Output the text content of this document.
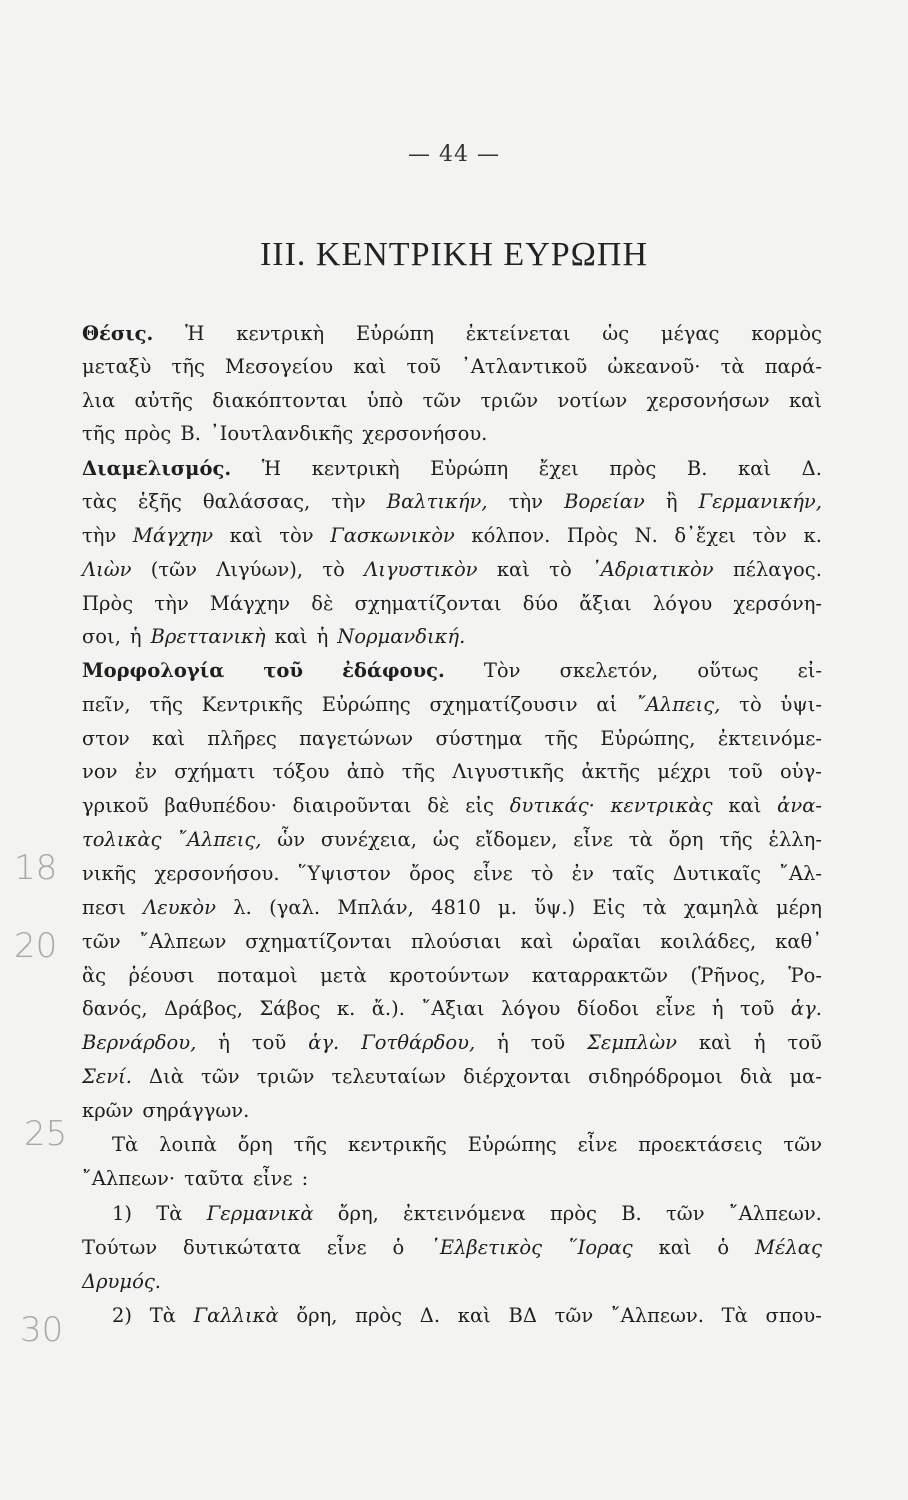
— 44 —
III. ΚΕΝΤΡΙΚΗ ΕΥΡΩΠΗ
18
20
25
30
Θέσις. Ἡ κεντρικὴ Εὐρώπη ἐκτείνεται ὡς μέγας κορμὸς
μεταξὺ τῆς Μεσογείου καὶ τοῦ ᾽Ατλαντικοῦ ὠκεανοῦ· τὰ παρά-
λια αὐτῆς διακόπτονται ὑπὸ τῶν τριῶν νοτίων χερσονήσων καὶ
τῆς πρὸς Β. ᾽Ιουτλανδικῆς χερσονήσου.
Διαμελισμός. Ἡ κεντρικὴ Εὐρώπη ἔχει πρὸς Β. καὶ Δ.
τὰς ἑξῆς θαλάσσας, τὴν Βαλτικήν, τὴν Βορείαν ἢ Γερμανικήν,
τὴν Μάγχην καὶ τὸν Γασκωνικὸν κόλπον. Πρὸς Ν. δ᾽ἔχει τὸν κ.
Λιὼν (τῶν Λιγύων), τὸ Λιγυστικὸν καὶ τὸ ᾽Αδριατικὸν πέλαγος.
Πρὸς τὴν Μάγχην δὲ σχηματίζονται δύο ἄξιαι λόγου χερσόνη-
σοι, ἡ Βρεττανικὴ καὶ ἡ Νορμανδική.
Μορφολογία τοῦ ἐδάφους. Τὸν σκελετόν, οὕτως εἰ-
πεῖν, τῆς Κεντρικῆς Εὐρώπης σχηματίζουσιν αἱ ῎Αλπεις, τὸ ὑψι-
στον καὶ πλῆρες παγετώνων σύστημα τῆς Εὐρώπης, ἐκτεινόμε-
νον ἐν σχήματι τόξου ἀπὸ τῆς Λιγυστικῆς ἀκτῆς μέχρι τοῦ οὑγ-
γρικοῦ βαθυπέδου· διαιροῦνται δὲ εἰς δυτικάς· κεντρικὰς καὶ ἀνα-
τολικὰς ῎Αλπεις, ὧν συνέχεια, ὡς εἴδομεν, εἶνε τὰ ὄρη τῆς ἑλλη-
νικῆς χερσονήσου. ῞Υψιστον ὄρος εἶνε τὸ ἐν ταῖς Δυτικαῖς ῎Αλ-
πεσι Λευκὸν λ. (γαλ. Μπλάν, 4810 μ. ὕψ.) Εἰς τὰ χαμηλὰ μέρη
τῶν ῎Αλπεων σχηματίζονται πλούσιαι καὶ ὡραῖαι κοιλάδες, καθ᾽
ἃς ῥέουσι ποταμοὶ μετὰ κροτούντων καταρρακτῶν (Ῥῆνος, Ῥο-
δανός, Δράβος, Σάβος κ. ἄ.). ῎Αξιαι λόγου δίοδοι εἶνε ἡ τοῦ ἁγ.
Βερνάρδου, ἡ τοῦ ἁγ. Γοτθάρδου, ἡ τοῦ Σεμπλὼν καὶ ἡ τοῦ
Σενί. Διὰ τῶν τριῶν τελευταίων διέρχονται σιδηρόδρομοι διὰ μα-
κρῶν σηράγγων.
Τὰ λοιπὰ ὄρη τῆς κεντρικῆς Εὐρώπης εἶνε προεκτάσεις τῶν
῎Αλπεων· ταῦτα εἶνε :
1) Τὰ Γερμανικὰ ὄρη, ἐκτεινόμενα πρὸς Β. τῶν ῎Αλπεων.
Τούτων δυτικώτατα εἶνε ὁ ῾Ελβετικὸς ῞Ιορας καὶ ὁ Μέλας
Δρυμός.
2) Τὰ Γαλλικὰ ὄρη, πρὸς Δ. καὶ ΒΔ τῶν ῎Αλπεων. Τὰ σπου-
